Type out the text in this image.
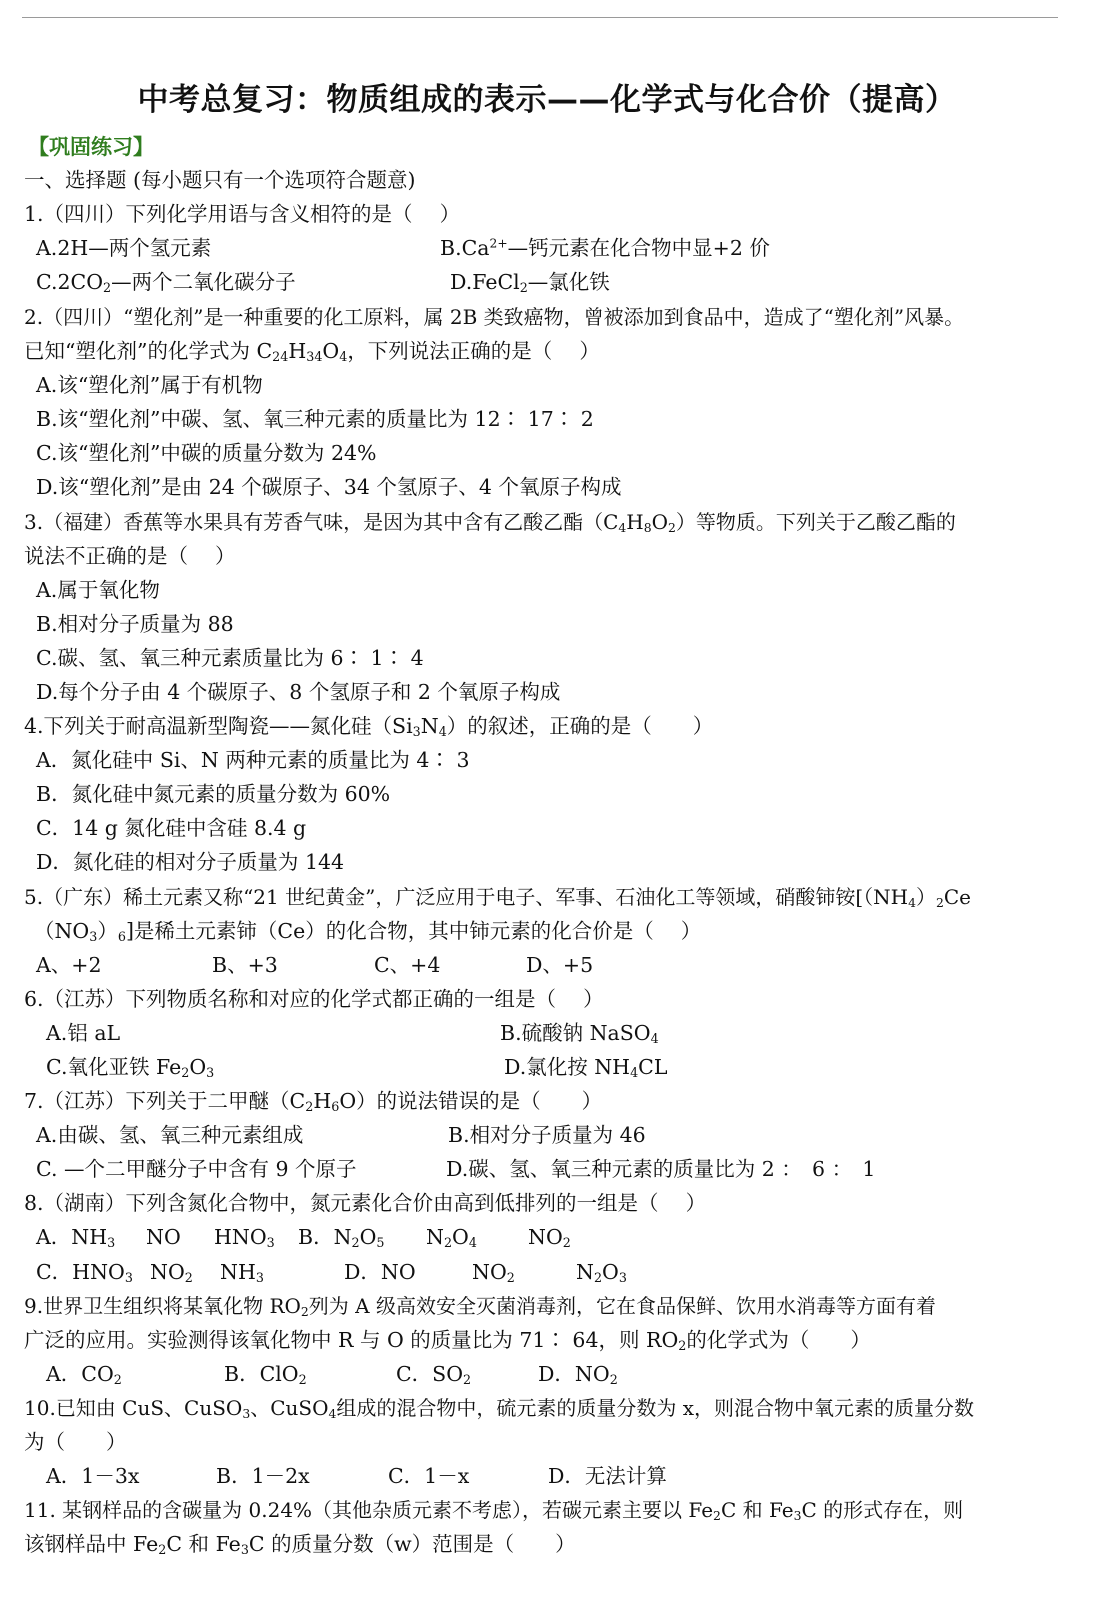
中考总复习：物质组成的表示——化学式与化合价（提高）
【巩固练习】
一、选择题 (每小题只有一个选项符合题意)
1.（四川）下列化学用语与含义相符的是（　 ）
A.2H—两个氢元素	$B.Ca^{2+}—$钙元素在化合物中显+2 价
$C.2CO_2—$两个二氧化碳分子	D.FeCl$_2$—氯化铁
2.（四川）“塑化剂”是一种重要的化工原料，属 2B 类致癌物，曾被添加到食品中，造成了“塑化剂”风暴。
已知“塑化剂”的化学式为 $C_{24}H_{34}O_4$，下列说法正确的是（　 ）
A.该“塑化剂”属于有机物
B.该“塑化剂”中碳、氢、氧三种元素的质量比为 12∶ 17∶ 2
C.该“塑化剂”中碳的质量分数为 24%
D.该“塑化剂”是由 24 个碳原子、34 个氢原子、4 个氧原子构成
3.（福建）香蕉等水果具有芳香气味，是因为其中含有乙酸乙酯$(C_4H_8O_2)$等物质。下列关于乙酸乙酯的
说法不正确的是（　 ）
A.属于氧化物
B.相对分子质量为 88
C.碳、氢、氧三种元素质量比为 6∶ 1∶ 4
D.每个分子由 4 个碳原子、8 个氢原子和 2 个氧原子构成
4.下列关于耐高温新型陶瓷——氮化硅$(Si_3N_4)$的叙述，正确的是（　　）
A．氮化硅中 Si、N 两种元素的质量比为 4∶ 3
B．氮化硅中氮元素的质量分数为 60%
C．14 g 氮化硅中含硅 8.4 g
D．氮化硅的相对分子质量为 144
5.（广东）稀土元素又称“21 世纪黄金”，广泛应用于电子、军事、石油化工等领域，硝酸铈铵[$(NH_4)_2Ce$
$(NO_3)_6$]是稀土元素铈（Ce）的化合物，其中铈元素的化合价是（　 ）
A、+2	B、+3	C、+4	D、+5
6.（江苏）下列物质名称和对应的化学式都正确的一组是（　 ）
A.铝 aL	B.硫酸钠 NaSO$_4$
C.氧化亚铁 $Fe_2O_3$	D.氯化按 $NH_4CL$
7.（江苏）下列关于二甲醚$(C_2H_6O)$的说法错误的是（　　）
A.由碳、氢、氧三种元素组成	B.相对分子质量为 46
C. —个二甲醚分子中含有 9 个原子	D.碳、氢、氧三种元素的质量比为 2 ：　6 ：　1
8.（湖南）下列含氮化合物中，氮元素化合价由高到低排列的一组是（　 ）
A．$NH_3$ NO $HNO_3$ B．$N_2O_5$ $N_2O_4$ $NO_2$
C．$HNO_3$ $NO_2$ $NH_3$	D．NO	$NO_2$	$N_2O_3$
9.世界卫生组织将某氧化物 $RO_2$列为 A 级高效安全灭菌消毒剂，它在食品保鲜、饮用水消毒等方面有着
广泛的应用。实验测得该氧化物中 R 与 O 的质量比为 71∶ 64，则 $RO_2$的化学式为（　　）
A．$CO_2$	B．ClO$_2$	C．$SO_2$	D．$NO_2$
10.已知由 CuS、CuSO$_3$、CuSO$_4$组成的混合物中，硫元素的质量分数为 x，则混合物中氧元素的质量分数
为（　　）
A．1－3x	B．1－2x	C．1－x	D．无法计算
11. 某钢样品的含碳量为 0.24%（其他杂质元素不考虑），若碳元素主要以 $Fe_2C$ 和 $Fe_3C$ 的形式存在，则
该钢样品中 $Fe_2C$ 和 $Fe_3C$ 的质量分数（w）范围是（　　）
